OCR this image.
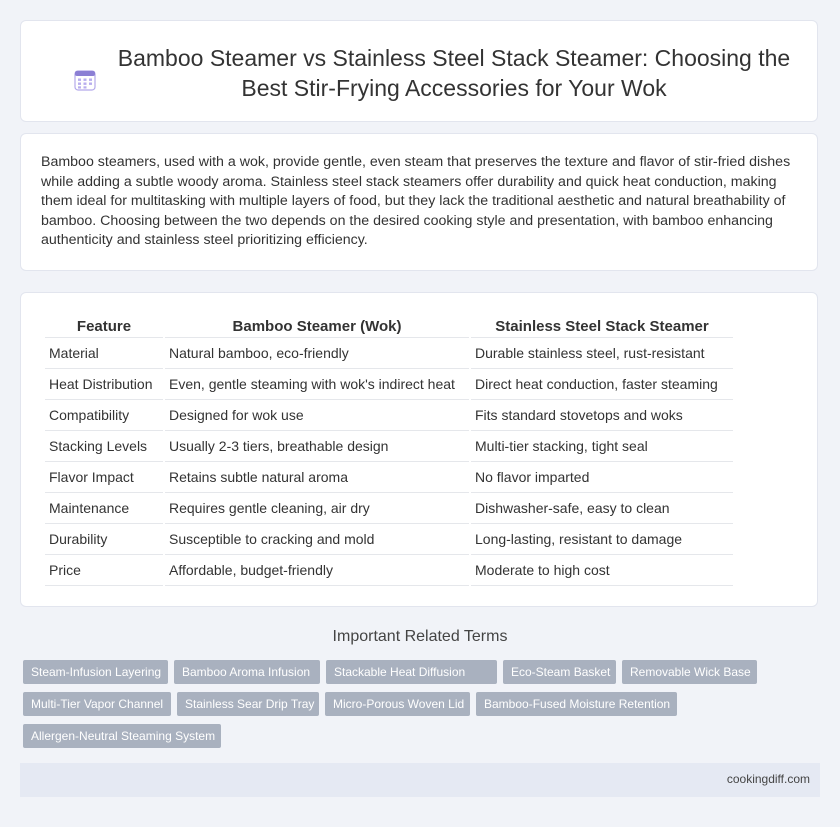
Bamboo Steamer vs Stainless Steel Stack Steamer: Choosing the Best Stir-Frying Accessories for Your Wok

Bamboo steamers, used with a wok, provide gentle, even steam that preserves the texture and flavor of stir-fried dishes while adding a subtle woody aroma. Stainless steel stack steamers offer durability and quick heat conduction, making them ideal for multitasking with multiple layers of food, but they lack the traditional aesthetic and natural breathability of bamboo. Choosing between the two depends on the desired cooking style and presentation, with bamboo enhancing authenticity and stainless steel prioritizing efficiency.

Feature	Bamboo Steamer (Wok)	Stainless Steel Stack Steamer
Material	Natural bamboo, eco-friendly	Durable stainless steel, rust-resistant
Heat Distribution	Even, gentle steaming with wok's indirect heat	Direct heat conduction, faster steaming
Compatibility	Designed for wok use	Fits standard stovetops and woks
Stacking Levels	Usually 2-3 tiers, breathable design	Multi-tier stacking, tight seal
Flavor Impact	Retains subtle natural aroma	No flavor imparted
Maintenance	Requires gentle cleaning, air dry	Dishwasher-safe, easy to clean
Durability	Susceptible to cracking and mold	Long-lasting, resistant to damage
Price	Affordable, budget-friendly	Moderate to high cost
Important Related Terms
Steam-Infusion Layering	Bamboo Aroma Infusion	Stackable Heat Diffusion	Eco-Steam Basket	Removable Wick Base
Multi-Tier Vapor Channel	Stainless Sear Drip Tray	Micro-Porous Woven Lid	Bamboo-Fused Moisture Retention
Allergen-Neutral Steaming System
cookingdiff.com
